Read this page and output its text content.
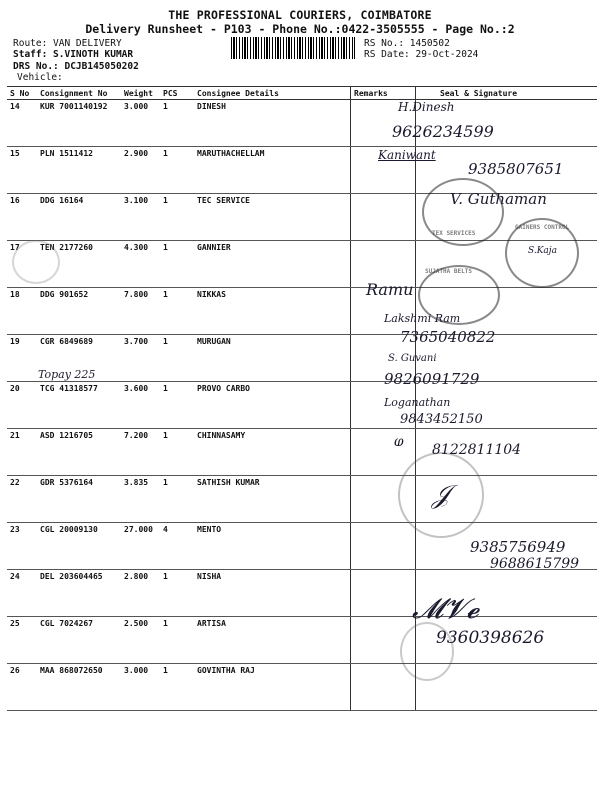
THE PROFESSIONAL COURIERS, COIMBATORE
Delivery Runsheet - P103 - Phone No.:0422-3505555 - Page No.:2
Route: VAN DELIVERY
Staff: S.VINOTH KUMAR
DRS No.: DCJB145050202
Vehicle:
RS No.: 1450502
RS Date: 29-Oct-2024
S No	Consignment No	Weight	PCS	Consignee Details	Remarks	Seal & Signature
14	KUR 7001140192	3.000	1	DINESH		
15	PLN 1511412	2.900	1	MARUTHACHELLAM		
16	DDG 16164	3.100	1	TEC SERVICE		
17	TEN 2177260	4.300	1	GANNIER		
18	DDG 901652	7.800	1	NIKKAS		
19	CGR 6849689	3.700	1	MURUGAN		
20	TCG 41318577	3.600	1	PROVO CARBO		
21	ASD 1216705	7.200	1	CHINNASAMY		
22	GDR 5376164	3.835	1	SATHISH KUMAR		
23	CGL 20009130	27.000	4	MENTO		
24	DEL 203604465	2.800	1	NISHA		
25	CGL 7024267	2.500	1	ARTISA		
26	MAA 868072650	3.000	1	GOVINTHA RAJ		
TEX SERVICES
GAINERS CONTROL
SUJATHA BELTS
H.Dinesh
9626234599
Kaniwant
9385807651
V. Guthaman
S.Kaja
Ramu
Lakshmi Ram
7365040822
S. Guvani
9826091729
Topay 225
Loganathan
9843452150
ⱷ 8122811104
𝒥
9385756949
9688615799
𝓜𝓥𝓮
9360398626
